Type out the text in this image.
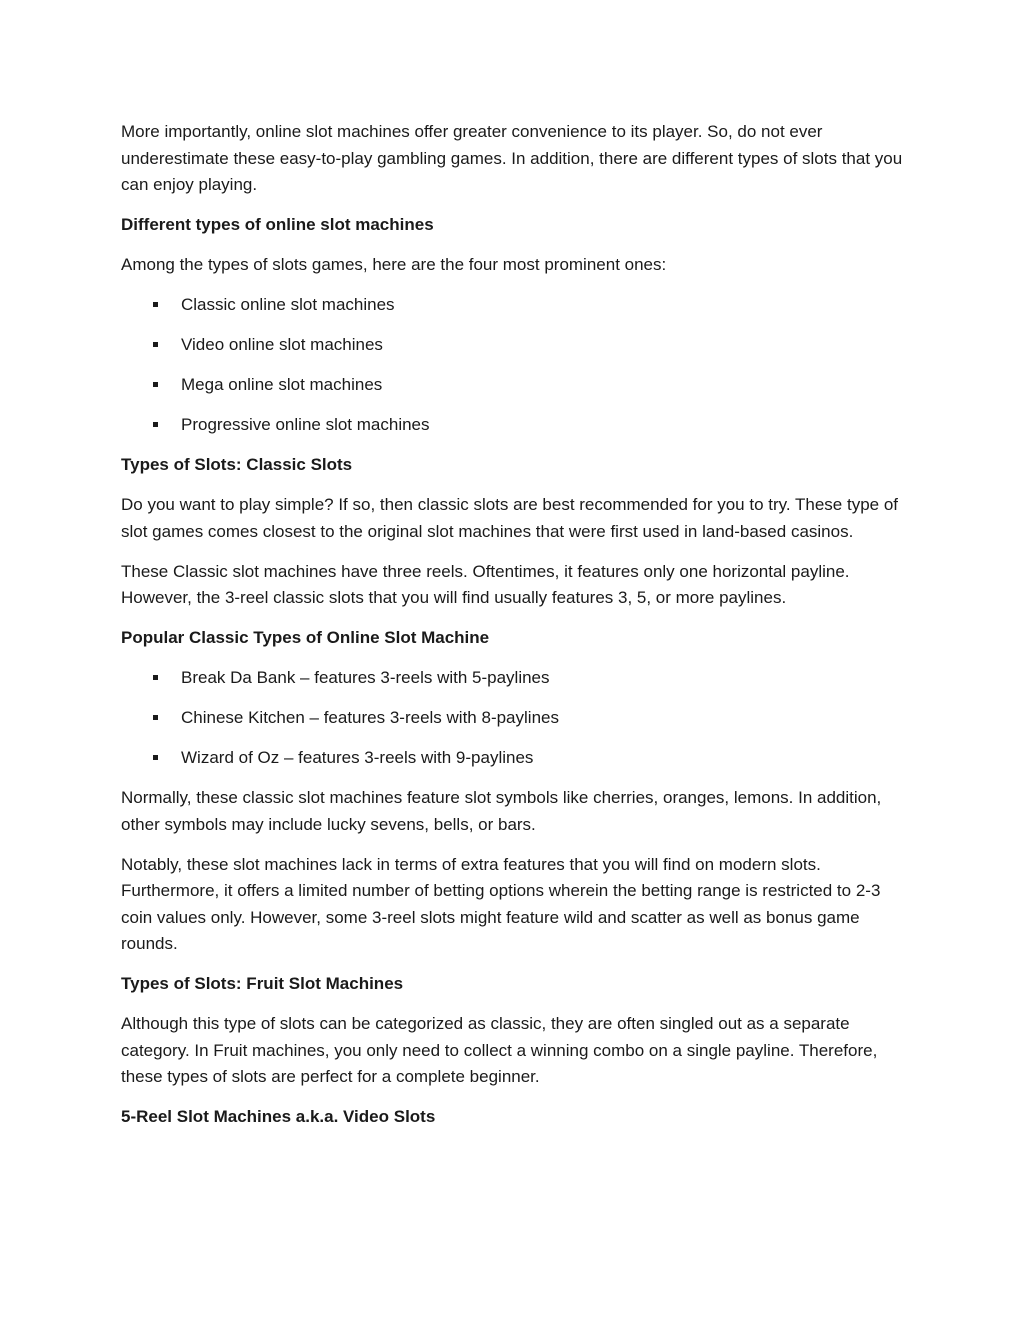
More importantly, online slot machines offer greater convenience to its player. So, do not ever underestimate these easy-to-play gambling games. In addition, there are different types of slots that you can enjoy playing.

Different types of online slot machines

Among the types of slots games, here are the four most prominent ones:

Classic online slot machines
Video online slot machines
Mega online slot machines
Progressive online slot machines

Types of Slots: Classic Slots

Do you want to play simple? If so, then classic slots are best recommended for you to try. These type of slot games comes closest to the original slot machines that were first used in land-based casinos.

These Classic slot machines have three reels. Oftentimes, it features only one horizontal payline. However, the 3-reel classic slots that you will find usually features 3, 5, or more paylines.

Popular Classic Types of Online Slot Machine

Break Da Bank – features 3-reels with 5-paylines
Chinese Kitchen – features 3-reels with 8-paylines
Wizard of Oz – features 3-reels with 9-paylines

Normally, these classic slot machines feature slot symbols like cherries, oranges, lemons. In addition, other symbols may include lucky sevens, bells, or bars.

Notably, these slot machines lack in terms of extra features that you will find on modern slots. Furthermore, it offers a limited number of betting options wherein the betting range is restricted to 2-3 coin values only. However, some 3-reel slots might feature wild and scatter as well as bonus game rounds.

Types of Slots: Fruit Slot Machines

Although this type of slots can be categorized as classic, they are often singled out as a separate category. In Fruit machines, you only need to collect a winning combo on a single payline. Therefore, these types of slots are perfect for a complete beginner.

5-Reel Slot Machines a.k.a. Video Slots
